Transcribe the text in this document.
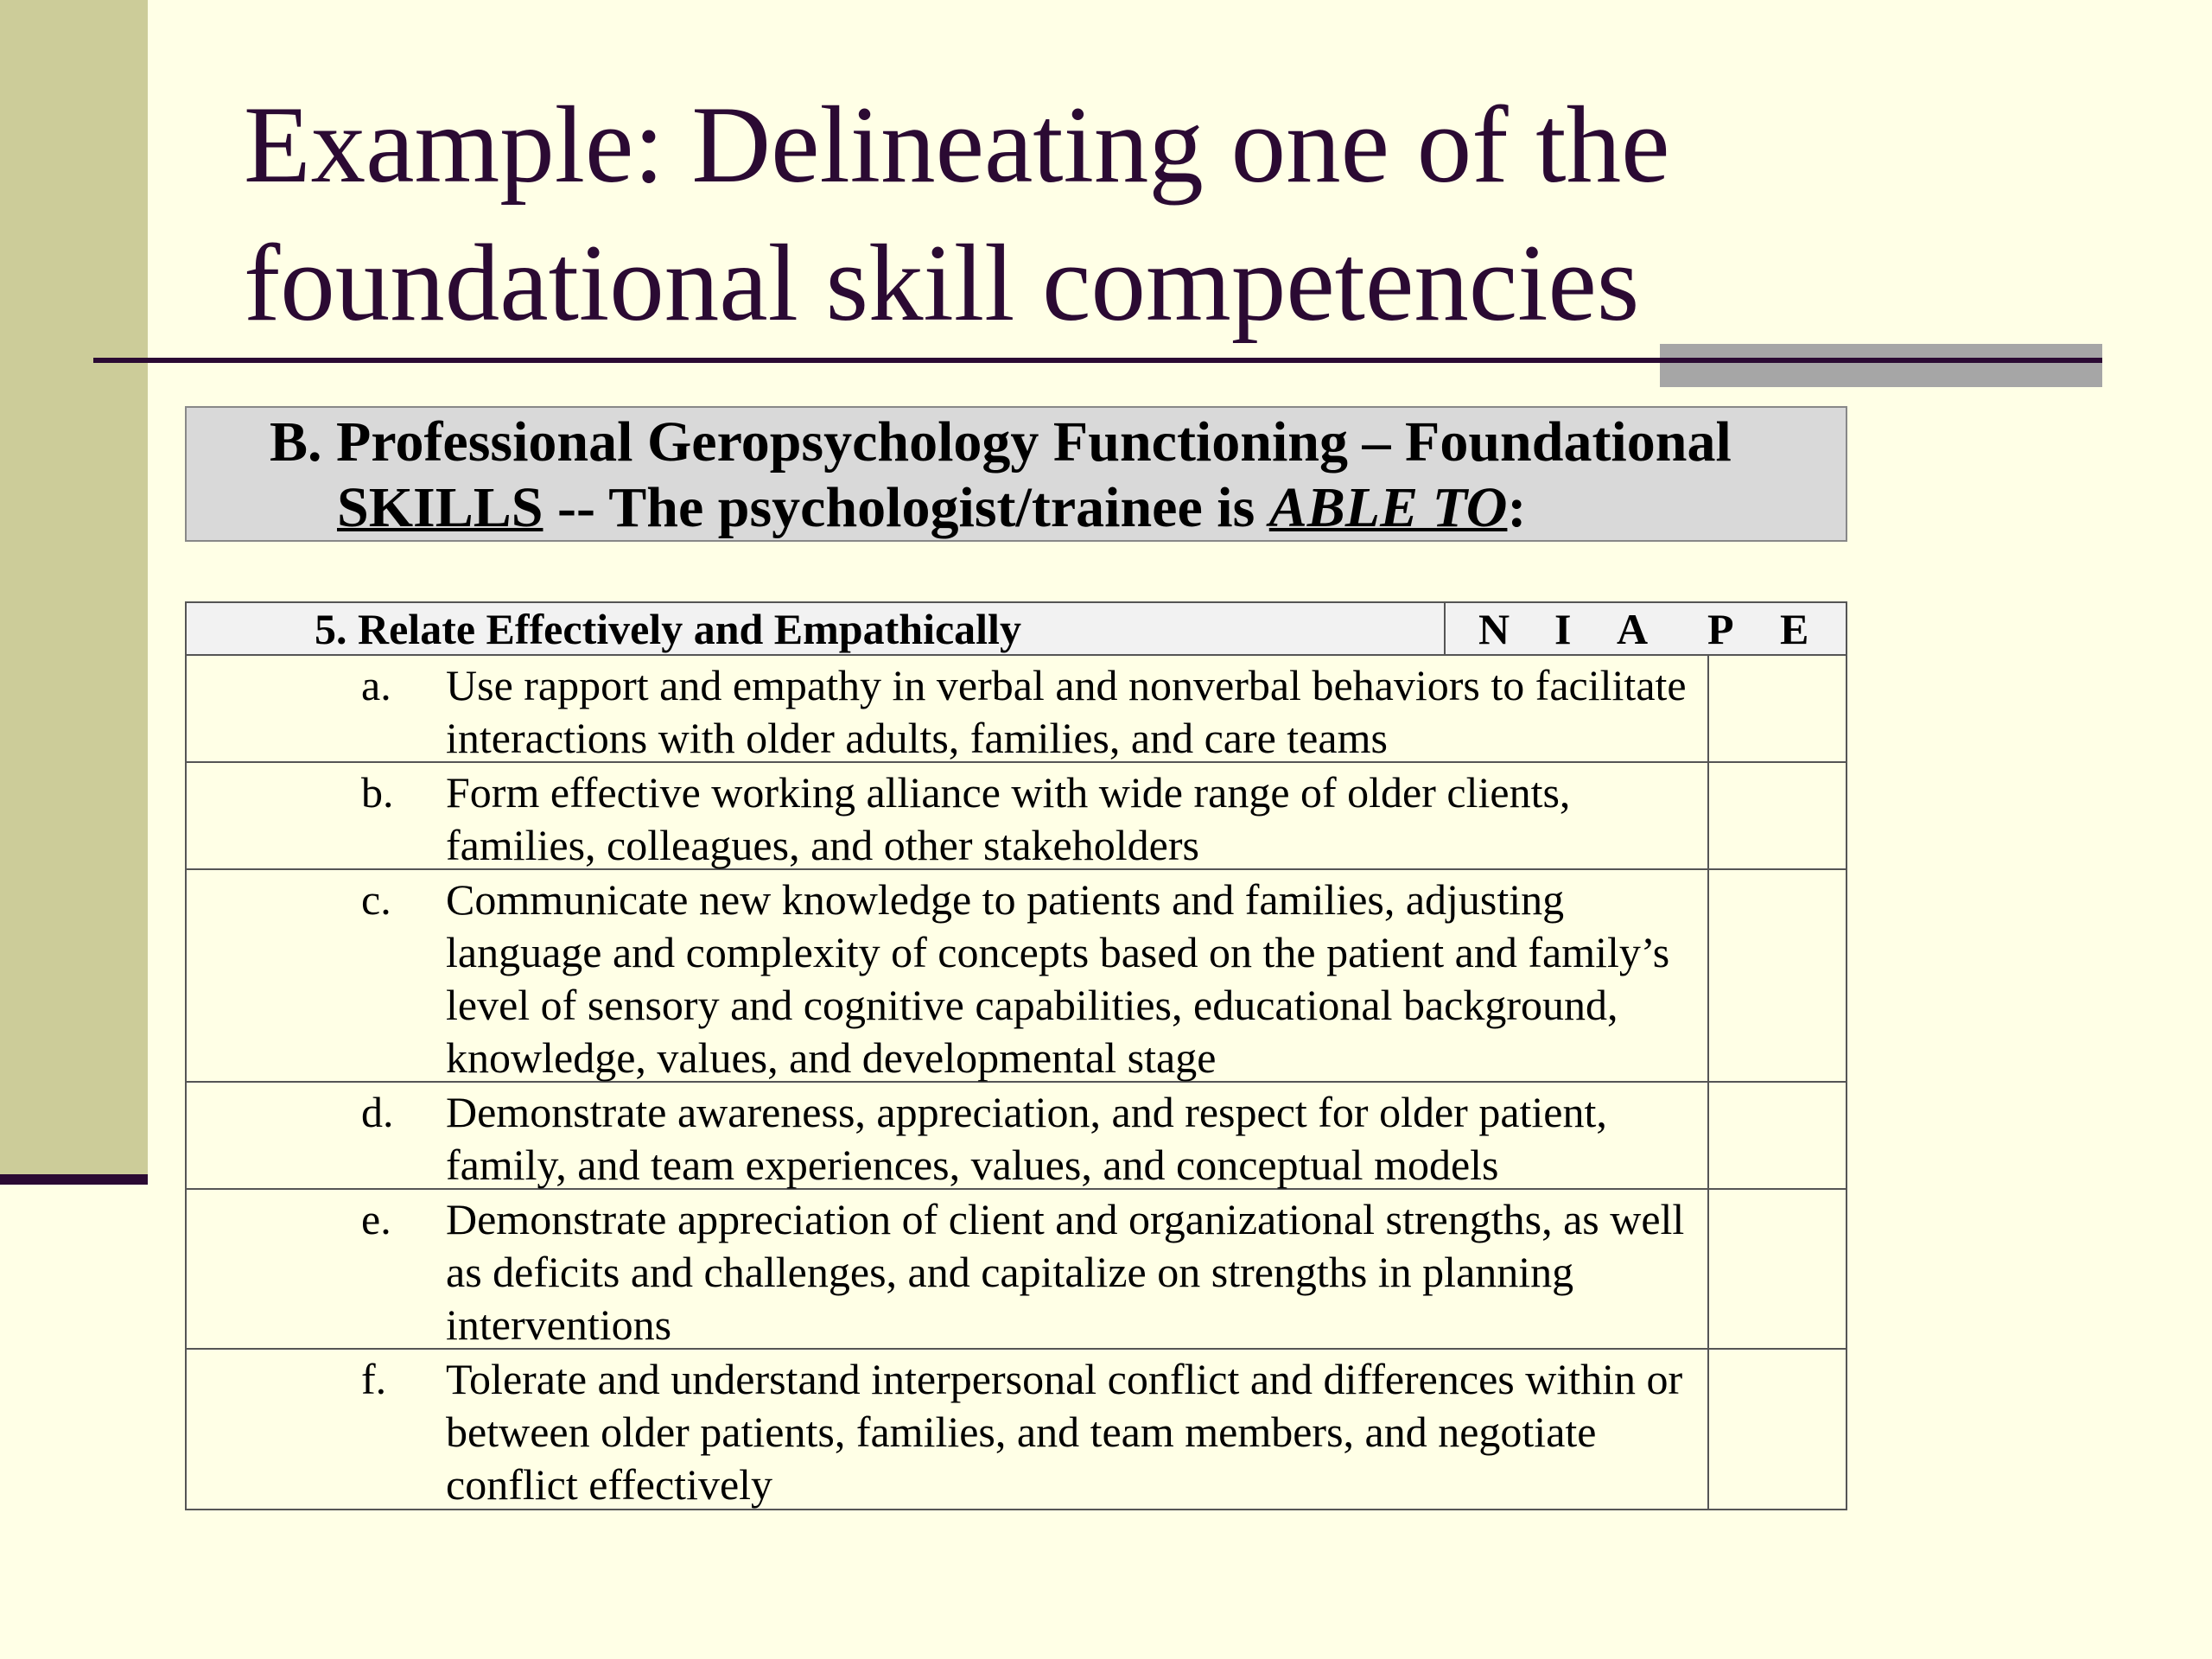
Example: Delineating one of the foundational skill competencies
B. Professional Geropsychology Functioning – Foundational
SKILLS -- The psychologist/trainee is ABLE TO:
5. Relate Effectively and Empathically	N I A P E
a. Use rapport and empathy in verbal and nonverbal behaviors to facilitate interactions with older adults, families, and care teams
b. Form effective working alliance with wide range of older clients, families, colleagues, and other stakeholders
c. Communicate new knowledge to patients and families, adjusting language and complexity of concepts based on the patient and family’s level of sensory and cognitive capabilities, educational background, knowledge, values, and developmental stage
d. Demonstrate awareness, appreciation, and respect for older patient, family, and team experiences, values, and conceptual models
e. Demonstrate appreciation of client and organizational strengths, as well as deficits and challenges, and capitalize on strengths in planning interventions
f. Tolerate and understand interpersonal conflict and differences within or between older patients, families, and team members, and negotiate conflict effectively
